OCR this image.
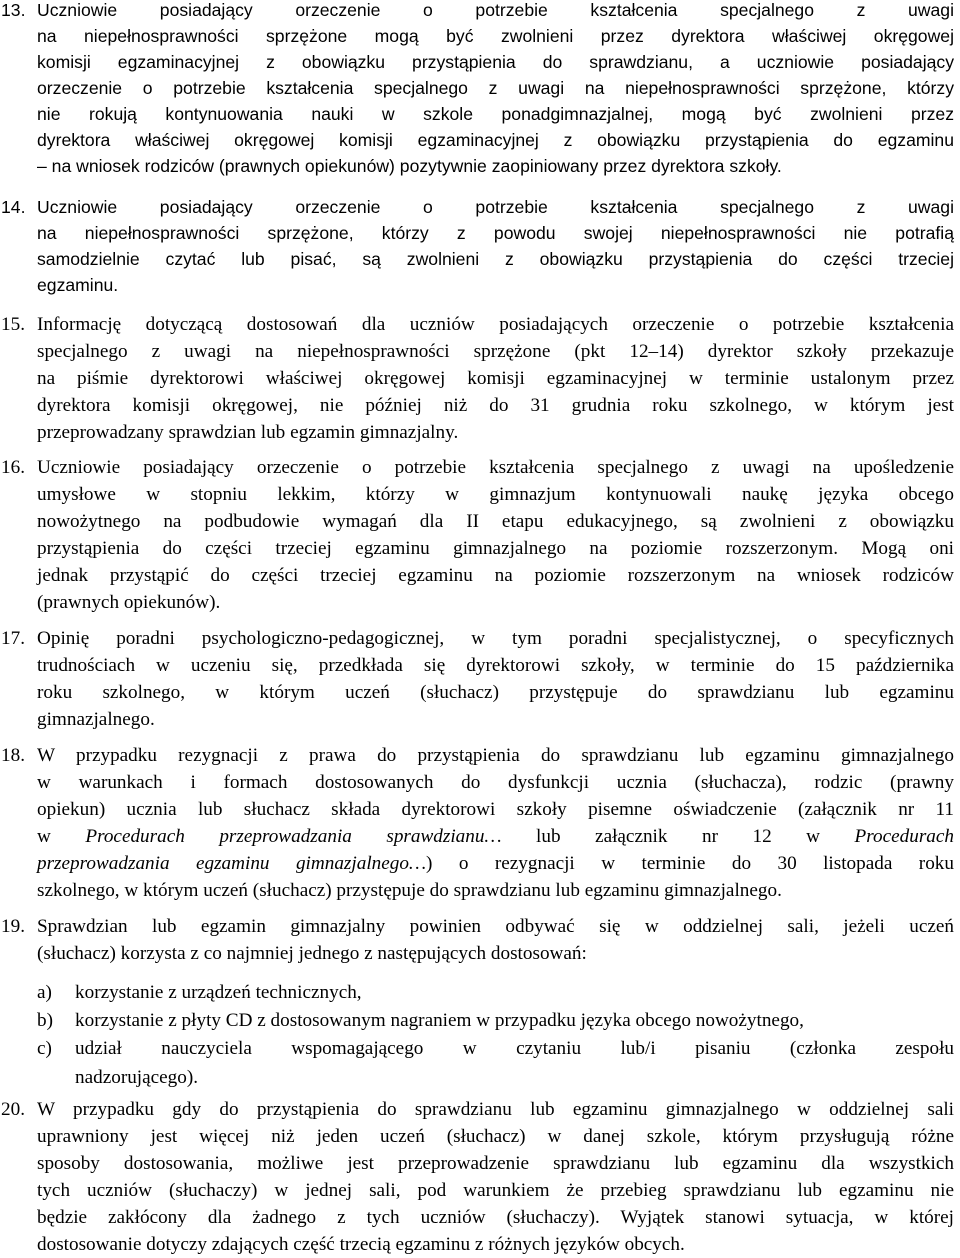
13. Uczniowie posiadający orzeczenie o potrzebie kształcenia specjalnego z uwagi
na niepełnosprawności sprzężone mogą być zwolnieni przez dyrektora właściwej okręgowej
komisji egzaminacyjnej z obowiązku przystąpienia do sprawdzianu, a uczniowie posiadający
orzeczenie o potrzebie kształcenia specjalnego z uwagi na niepełnosprawności sprzężone, którzy
nie rokują kontynuowania nauki w szkole ponadgimnazjalnej, mogą być zwolnieni przez
dyrektora właściwej okręgowej komisji egzaminacyjnej z obowiązku przystąpienia do egzaminu
– na wniosek rodziców (prawnych opiekunów) pozytywnie zaopiniowany przez dyrektora szkoły.
14. Uczniowie posiadający orzeczenie o potrzebie kształcenia specjalnego z uwagi
na niepełnosprawności sprzężone, którzy z powodu swojej niepełnosprawności nie potrafią
samodzielnie czytać lub pisać, są zwolnieni z obowiązku przystąpienia do części trzeciej
egzaminu.
15. Informację dotyczącą dostosowań dla uczniów posiadających orzeczenie o potrzebie kształcenia
specjalnego z uwagi na niepełnosprawności sprzężone (pkt 12–14) dyrektor szkoły przekazuje
na piśmie dyrektorowi właściwej okręgowej komisji egzaminacyjnej w terminie ustalonym przez
dyrektora komisji okręgowej, nie później niż do 31 grudnia roku szkolnego, w którym jest
przeprowadzany sprawdzian lub egzamin gimnazjalny.
16. Uczniowie posiadający orzeczenie o potrzebie kształcenia specjalnego z uwagi na upośledzenie
umysłowe w stopniu lekkim, którzy w gimnazjum kontynuowali naukę języka obcego
nowożytnego na podbudowie wymagań dla II etapu edukacyjnego, są zwolnieni z obowiązku
przystąpienia do części trzeciej egzaminu gimnazjalnego na poziomie rozszerzonym. Mogą oni
jednak przystąpić do części trzeciej egzaminu na poziomie rozszerzonym na wniosek rodziców
(prawnych opiekunów).
17. Opinię poradni psychologiczno-pedagogicznej, w tym poradni specjalistycznej, o specyficznych
trudnościach w uczeniu się, przedkłada się dyrektorowi szkoły, w terminie do 15 października
roku szkolnego, w którym uczeń (słuchacz) przystępuje do sprawdzianu lub egzaminu
gimnazjalnego.
18. W przypadku rezygnacji z prawa do przystąpienia do sprawdzianu lub egzaminu gimnazjalnego
w warunkach i formach dostosowanych do dysfunkcji ucznia (słuchacza), rodzic (prawny
opiekun) ucznia lub słuchacz składa dyrektorowi szkoły pisemne oświadczenie (załącznik nr 11
w Procedurach przeprowadzania sprawdzianu… lub załącznik nr 12 w Procedurach
przeprowadzania egzaminu gimnazjalnego…) o rezygnacji w terminie do 30 listopada roku
szkolnego, w którym uczeń (słuchacz) przystępuje do sprawdzianu lub egzaminu gimnazjalnego.
19. Sprawdzian lub egzamin gimnazjalny powinien odbywać się w oddzielnej sali, jeżeli uczeń
(słuchacz) korzysta z co najmniej jednego z następujących dostosowań:
a) korzystanie z urządzeń technicznych,
b) korzystanie z płyty CD z dostosowanym nagraniem w przypadku języka obcego nowożytnego,
c) udział nauczyciela wspomagającego w czytaniu lub/i pisaniu (członka zespołu
nadzorującego).
20. W przypadku gdy do przystąpienia do sprawdzianu lub egzaminu gimnazjalnego w oddzielnej sali
uprawniony jest więcej niż jeden uczeń (słuchacz) w danej szkole, którym przysługują różne
sposoby dostosowania, możliwe jest przeprowadzenie sprawdzianu lub egzaminu dla wszystkich
tych uczniów (słuchaczy) w jednej sali, pod warunkiem że przebieg sprawdzianu lub egzaminu nie
będzie zakłócony dla żadnego z tych uczniów (słuchaczy). Wyjątek stanowi sytuacja, w której
dostosowanie dotyczy zdających część trzecią egzaminu z różnych języków obcych.
